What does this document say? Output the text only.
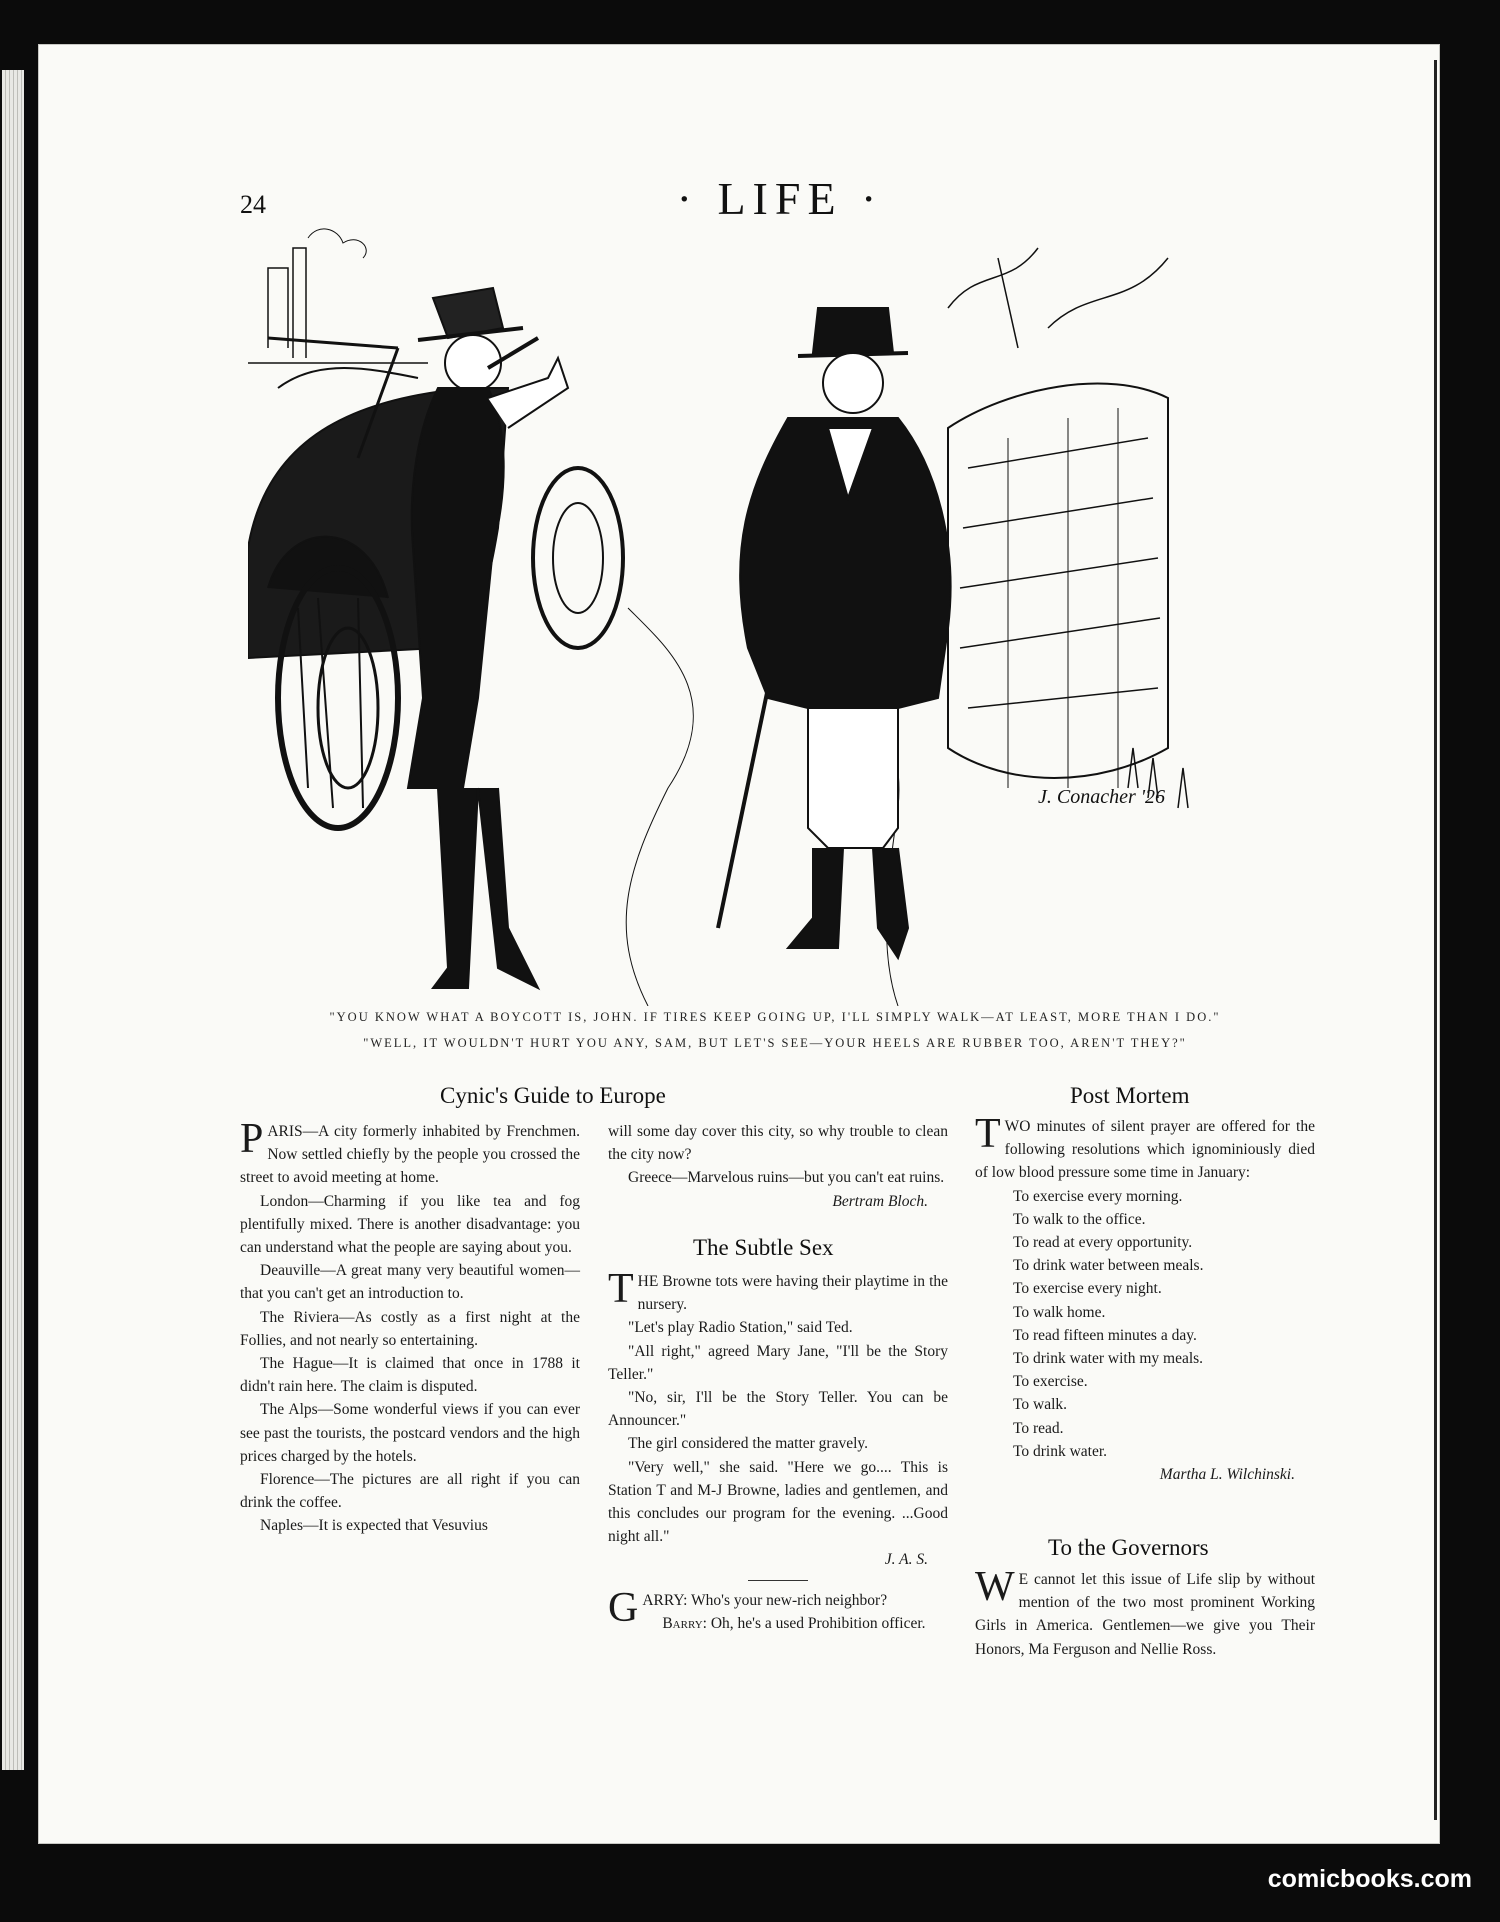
24	· LIFE ·
J. Conacher '26
"YOU KNOW WHAT A BOYCOTT IS, JOHN. IF TIRES KEEP GOING UP, I'LL SIMPLY WALK—AT LEAST, MORE THAN I DO."
"WELL, IT WOULDN'T HURT YOU ANY, SAM, BUT LET'S SEE—YOUR HEELS ARE RUBBER TOO, AREN'T THEY?"
Cynic's Guide to Europe

PARIS—A city formerly inhabited by Frenchmen. Now settled chiefly by the people you crossed the street to avoid meeting at home.

London—Charming if you like tea and fog plentifully mixed. There is another disadvantage: you can understand what the people are saying about you.

Deauville—A great many very beautiful women—that you can't get an introduction to.

The Riviera—As costly as a first night at the Follies, and not nearly so entertaining.

The Hague—It is claimed that once in 1788 it didn't rain here. The claim is disputed.

The Alps—Some wonderful views if you can ever see past the tourists, the postcard vendors and the high prices charged by the hotels.

Florence—The pictures are all right if you can drink the coffee.

Naples—It is expected that Vesuvius

will some day cover this city, so why trouble to clean the city now?

Greece—Marvelous ruins—but you can't eat ruins.

Bertram Bloch.

The Subtle Sex

THE Browne tots were having their playtime in the nursery.

"Let's play Radio Station," said Ted.

"All right," agreed Mary Jane, "I'll be the Story Teller."

"No, sir, I'll be the Story Teller. You can be Announcer."

The girl considered the matter gravely.

"Very well," she said. "Here we go.... This is Station T and M-J Browne, ladies and gentlemen, and this concludes our program for the evening. ...Good night all."

J. A. S.

GARRY: Who's your new-rich neighbor?

Barry: Oh, he's a used Prohibition officer.

Post Mortem

TWO minutes of silent prayer are offered for the following resolutions which ignominiously died of low blood pressure some time in January:

To exercise every morning.

To walk to the office.

To read at every opportunity.

To drink water between meals.

To exercise every night.

To walk home.

To read fifteen minutes a day.

To drink water with my meals.

To exercise.

To walk.

To read.

To drink water.

Martha L. Wilchinski.

To the Governors

W E cannot let this issue of Life slip by without mention of the two most prominent Working Girls in America. Gentlemen—we give you Their Honors, Ma Ferguson and Nellie Ross.

comicbooks.com
